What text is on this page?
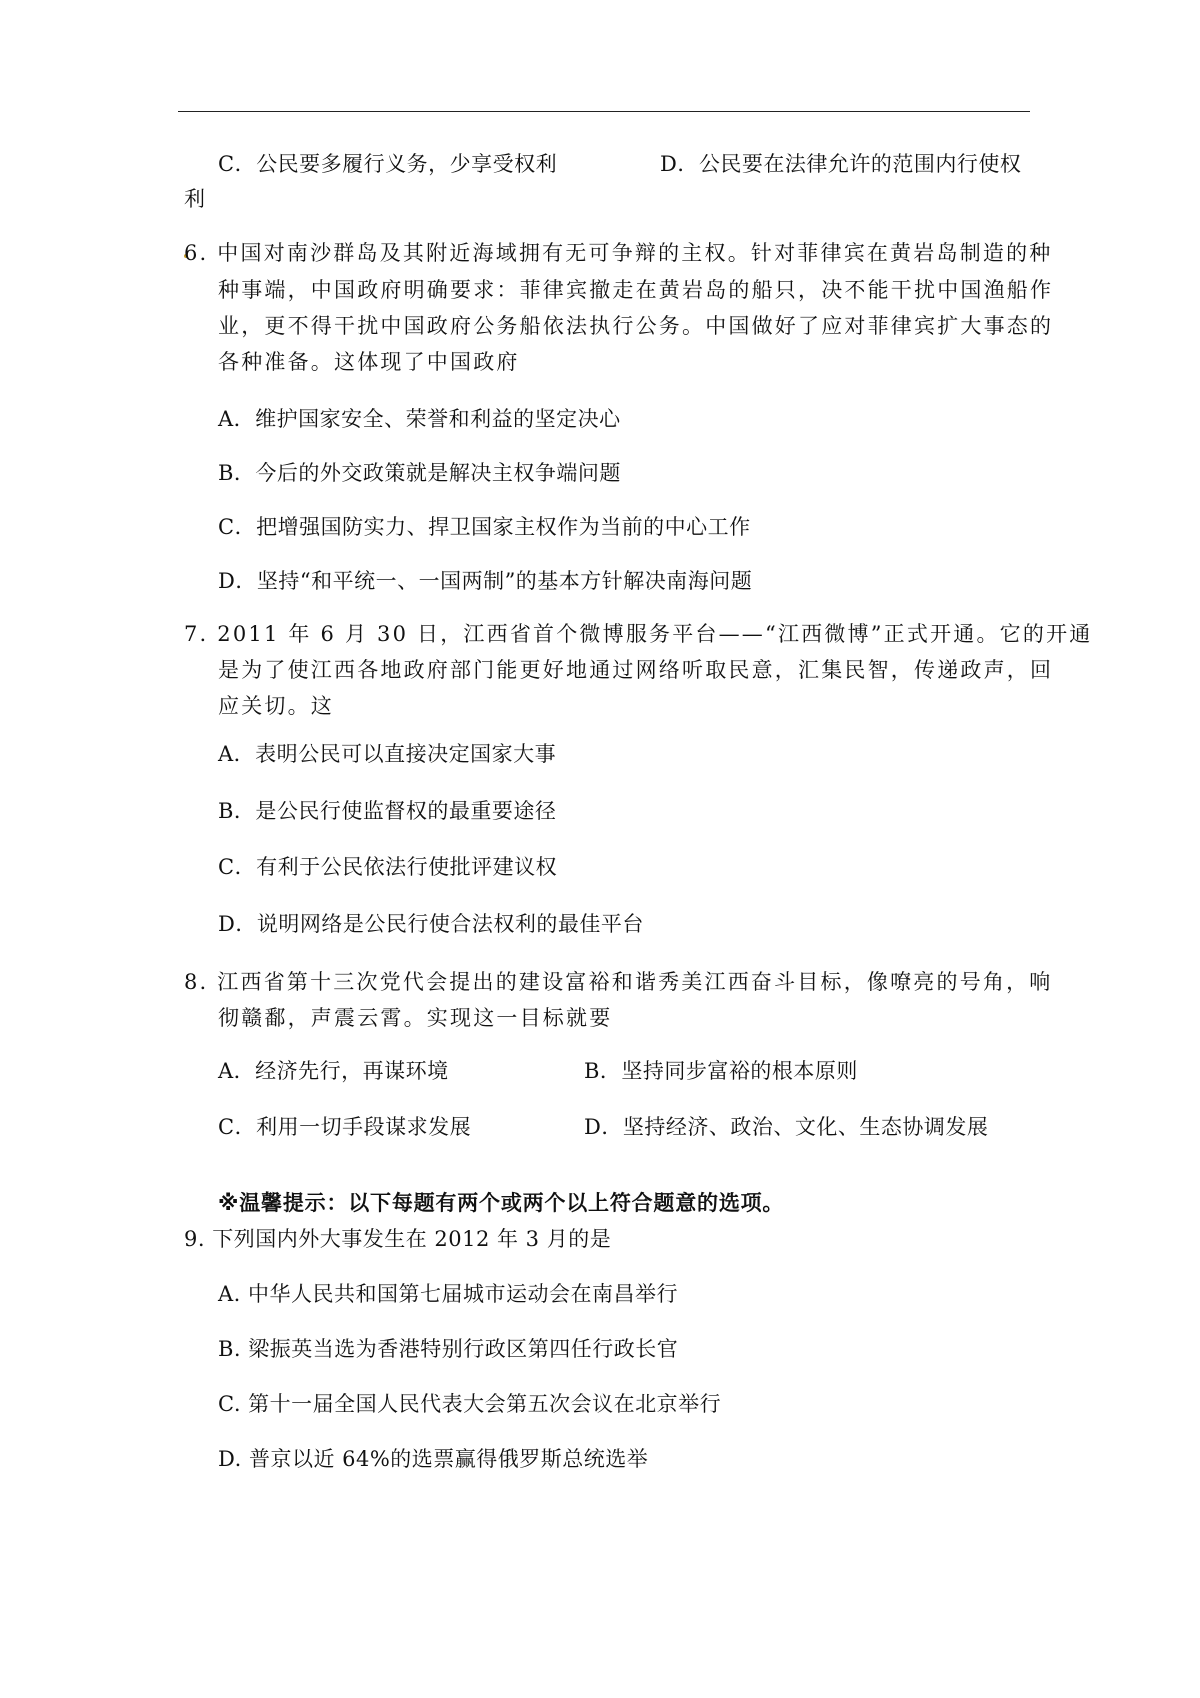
C．公民要多履行义务，少享受权利	D．公民要在法律允许的范围内行使权
利
6. 中国对南沙群岛及其附近海域拥有无可争辩的主权。针对菲律宾在黄岩岛制造的种
种事端，中国政府明确要求：菲律宾撤走在黄岩岛的船只，决不能干扰中国渔船作
业，更不得干扰中国政府公务船依法执行公务。中国做好了应对菲律宾扩大事态的
各种准备。这体现了中国政府
A．维护国家安全、荣誉和利益的坚定决心
B．今后的外交政策就是解决主权争端问题
C．把增强国防实力、捍卫国家主权作为当前的中心工作
D．坚持“和平统一、一国两制”的基本方针解决南海问题
7. 2011 年 6 月 30 日，江西省首个微博服务平台——“江西微博”正式开通。它的开通
是为了使江西各地政府部门能更好地通过网络听取民意，汇集民智，传递政声，回
应关切。这
A．表明公民可以直接决定国家大事
B．是公民行使监督权的最重要途径
C．有利于公民依法行使批评建议权
D．说明网络是公民行使合法权利的最佳平台
8. 江西省第十三次党代会提出的建设富裕和谐秀美江西奋斗目标，像嘹亮的号角，响
彻赣鄱，声震云霄。实现这一目标就要
A．经济先行，再谋环境	B．坚持同步富裕的根本原则
C．利用一切手段谋求发展	D．坚持经济、政治、文化、生态协调发展
※温馨提示：以下每题有两个或两个以上符合题意的选项。
9. 下列国内外大事发生在 2012 年 3 月的是
A. 中华人民共和国第七届城市运动会在南昌举行
B. 梁振英当选为香港特别行政区第四任行政长官
C. 第十一届全国人民代表大会第五次会议在北京举行
D. 普京以近 64%的选票赢得俄罗斯总统选举
